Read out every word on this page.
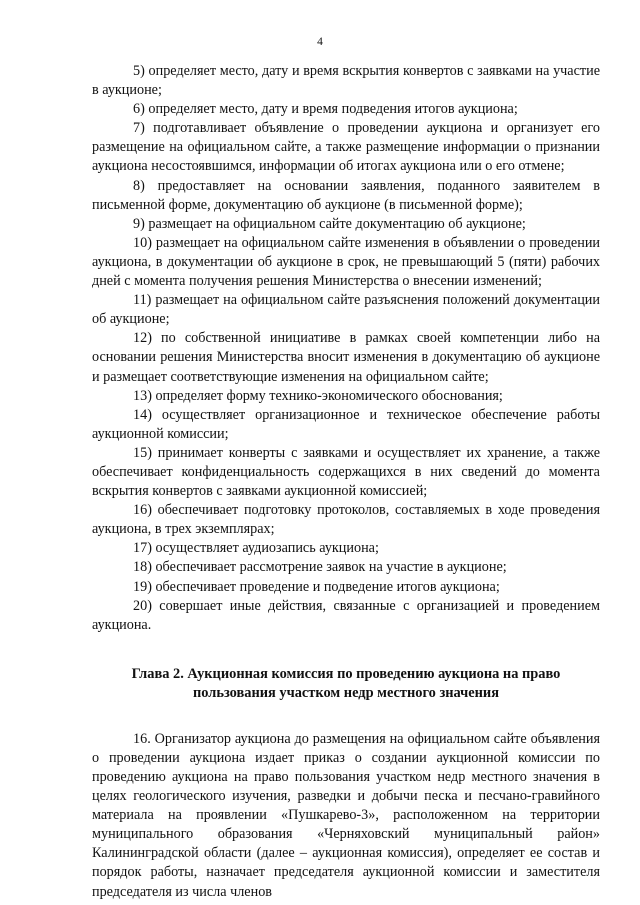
4

5) определяет место, дату и время вскрытия конвертов с заявками на участие в аукционе;

6) определяет место, дату и время подведения итогов аукциона;

7) подготавливает объявление о проведении аукциона и организует его размещение на официальном сайте, а также размещение информации о признании аукциона несостоявшимся, информации об итогах аукциона или о его отмене;

8) предоставляет на основании заявления, поданного заявителем в письменной форме, документацию об аукционе (в письменной форме);

9) размещает на официальном сайте документацию об аукционе;

10) размещает на официальном сайте изменения в объявлении о проведении аукциона, в документации об аукционе в срок, не превышающий 5 (пяти) рабочих дней с момента получения решения Министерства о внесении изменений;

11) размещает на официальном сайте разъяснения положений документации об аукционе;

12) по собственной инициативе в рамках своей компетенции либо на основании решения Министерства вносит изменения в документацию об аукционе и размещает соответствующие изменения на официальном сайте;

13) определяет форму технико-экономического обоснования;

14) осуществляет организационное и техническое обеспечение работы аукционной комиссии;

15) принимает конверты с заявками и осуществляет их хранение, а также обеспечивает конфиденциальность содержащихся в них сведений до момента вскрытия конвертов с заявками аукционной комиссией;

16) обеспечивает подготовку протоколов, составляемых в ходе проведения аукциона, в трех экземплярах;

17) осуществляет аудиозапись аукциона;

18) обеспечивает рассмотрение заявок на участие в аукционе;

19) обеспечивает проведение и подведение итогов аукциона;

20) совершает иные действия, связанные с организацией и проведением аукциона.

Глава 2. Аукционная комиссия по проведению аукциона на право пользования участком недр местного значения

16. Организатор аукциона до размещения на официальном сайте объявления о проведении аукциона издает приказ о создании аукционной комиссии по проведению аукциона на право пользования участком недр местного значения в целях геологического изучения, разведки и добычи песка и песчано-гравийного материала на проявлении «Пушкарево-3», расположенном на территории муниципального образования «Черняховский муниципальный район» Калининградской области (далее – аукционная комиссия), определяет ее состав и порядок работы, назначает председателя аукционной комиссии и заместителя председателя из числа членов
